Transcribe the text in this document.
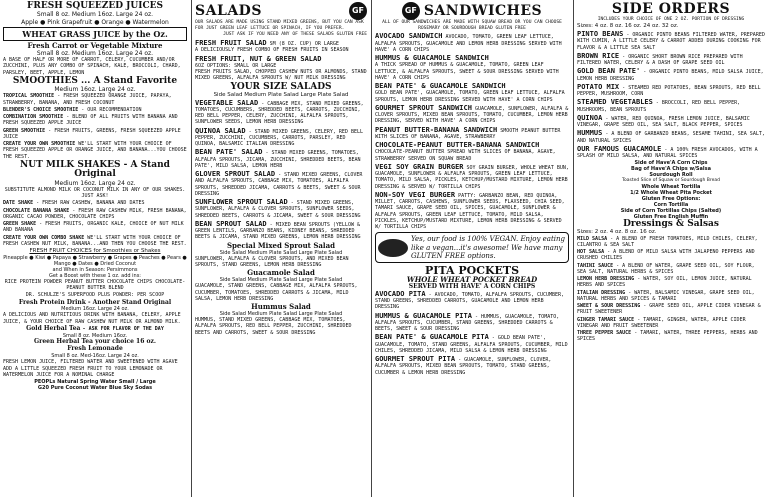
FRESH SQUEEZED JUICES

Small 8 oz. Medium 16oz. Large 24 oz.

Apple ● Pink Grapefruit ● Orange ● Watermelon

WHEAT GRASS JUICE by the Oz.

Fresh Carrot or Vegetable Mixture

Small 8 oz. Medium 16oz. Large 24 oz.

A BASE OF HALF OR MORE OF CARROT, CELERY, CUCUMBER AND/OR ZUCCHINI, PLUS ANY COMBO OF SPINACH, KALE, BROCCOLI, CHARD, PARSLEY, BEET, APPLE, LEMON

SMOOTHIES ... A Stand Favorite

Medium 16oz. Large 24 oz.

TROPICAL SMOOTHIE - FRESH SQUEEZED ORANGE JUICE, PAPAYA, STRAWBERRY, BANANA, AND FRESH COCONUT

BLENDER'S CHOICE SMOOTHIE - OUR RECOMMENDATION

COMBINATION SMOOTHIE - BLEND OF ALL FRUITS WITH BANANA AND FRESH SQUEEZED APPLE JUICE

GREEN SMOOTHIE - FRESH FRUITS, GREENS, FRESH SQUEEZED APPLE JUICE

CREATE YOUR OWN SMOOTHIE WE'LL START WITH YOUR CHOICE OF FRESH SQUEEZED APPLE OR ORANGE JUICE, AND BANANA...YOU CHOOSE THE REST.

NUT MILK SHAKES - A Stand Original

Medium 16oz. Large 24 oz.

SUBSTITUTE ALMOND MILK OR COCONUT MILK IN ANY OF OUR SHAKES. JUST ASK!

DATE SHAKE - FRESH RAW CASHEW, BANANA AND DATES

CHOCOLATE BANANA SHAKE - FRESH RAW CASHEW MILK, FRESH BANANA, ORGANIC CACAO POWDER, CHOCOLATE CHIPS

GREEN SHAKE - FRESH FRUITS, ORGANIC KALE, CHOICE OF NUT MILK AND BANANA

CREATE YOUR OWN COMBO SHAKE WE'LL START WITH YOUR CHOICE OF FRESH CASHEW NUT MILK, BANANA...AND THEN YOU CHOOSE THE REST.

FRESH FRUIT CHOICES for Smoothies or Shakes

Pineapple ● Kiwi ● Papaya ● Strawberry ● Grapes ● Peaches ● Pears ● Mango ● Dates ● Dried Coconut

and When in Season: Persimmons

Get a Boost with these 1 oz. add ins:

RICE PROTEIN POWDER PEANUT BUTTER CHOCOLATE CHIPS CHOCOLATE-PEANUT BUTTER BLEND

DR. SCHULZE'S SUPERFOOD PLUS POWDER: PER SCOOP

Fresh Protein Drink - Another Stand Original

Medium 16oz. Large 24 oz.

A DELICIOUS AND NUTRITIOUS DRINK WITH BANANA, CELERY, APPLE JUICE, & YOUR CHOICE OF RAW CASHEW NUT MILK OR ALMOND MILK.

Gold Herbal Tea - ASK FOR FLAVOR OF THE DAY

Small 8 oz. Medium 16oz.

Green Herbal Tea your choice 16 oz.

Fresh Lemonade

Small 8 oz. Med-16oz. Large 24 oz.

FRESH LEMON JUICE, FILTERED WATER AND SWEETENED WITH AGAVE

ADD A LITTLE SQUEEZED FRESH FRUIT TO YOUR LEMONADE OR WATERMELON JUICE FOR A NOMINAL CHARGE

PEOPLs Natural Spring Water Small / Large

G20 Pure Coconut Water Blue Sky Sodas

SALADS	GF

OUR SALADS ARE MADE USING STAND MIXED GREENS, BUT YOU CAN ASK FOR JUST GREEN LEAF LETTUCE OR SPINACH, IF YOU PREFER.

JUST ASK IF YOU NEED ANY OF THESE SALADS GLUTEN FREE

FRESH FRUIT SALAD SM (8 OZ. CUP) OR LARGE
A DELICIOUSLY FRESH COMBO OF FRESH FRUITS IN SEASON

FRESH FRUIT, NUT & GREEN SALAD
6OZ OPTIONS: SMALL OR LARGE
FRESH FRUITS SALAD, CHOPPED CASHEW NUTS OR ALMONDS, STAND MIXED GREENS, ALFALFA SPROUTS W/ NUT MILK DRESSING

YOUR SIZE SALADS

Side Salad Medium Plate Salad Large Plate Salad

VEGETABLE SALAD - CABBAGE MIX, STAND MIXED GREENS, TOMATOES, CUCUMBERS, SHREDDED BEETS, CARROTS, ZUCCHINI, RED BELL PEPPER, CELERY, ZUCCHINI, ALFALFA SPROUTS, SUNFLOWER SEEDS, LEMON HERB DRESSING

QUINOA SALAD - STAND MIXED GREENS, CELERY, RED BELL PEPPER, ZUCCHINI, CUCUMBERS, CARROTS, PARSLEY, RED QUINOA, BALSAMIC ITALIAN DRESSING

BEAN PATE' SALAD - STAND MIXED GREENS, TOMATOES, ALFALFA SPROUTS, JICAMA, ZUCCHINI, SHREDDED BEETS, BEAN PATE', MILD SALSA, LEMON HERB

GLOVER SPROUT SALAD - STAND MIXED GREENS, CLOVER AND ALFALFA SPROUTS, CABBAGE MIX, TOMATOES, ALFALFA SPROUTS, SHREDDED JICAMA, CARROTS & BEETS, SWEET & SOUR DRESSING

SUNFLOWER SPROUT SALAD - STAND MIXED GREENS, SUNFLOWER, ALFALFA & CLOVER SPROUTS, SUNFLOWER SEEDS, SHREDDED BEETS, CARROTS & JICAMA, SWEET & SOUR DRESSING

BEAN SPROUT SALAD - MIXED BEAN SPROUTS (YELLOW & GREEN LENTILS, GARBANZO BEANS, KIDNEY BEANS, SHREDDED BEETS & JICAMA, STAND MIXED GREENS, LEMON HERB DRESSING

Special Mixed Sprout Salad

Side Salad Medium Plate Salad Large Plate Salad

SUNFLOWER, ALFALFA & CLOVER SPROUTS, AND MIXED BEAN SPROUTS, STAND GREENS, LEMON HERB DRESSING

Guacamole Salad

Side Salad Medium Plate Salad Large Plate Salad

GUACAMOLE, STAND GREENS, CABBAGE MIX, ALFALFA SPROUTS, CUCUMBER, TOMATOES, SHREDDED CARROTS & JICAMA, MILD SALSA, LEMON HERB DRESSING

Hummus Salad

Side Salad Medium Plate Salad Large Plate Salad

HUMMUS, STAND MIXED GREENS, CABBAGE MIX, TOMATOES, ALFALFA SPROUTS, RED BELL PEPPER, ZUCCHINI, SHREDDED BEETS AND CARROTS, SWEET & SOUR DRESSING

GF SANDWICHES

ALL OF OUR SANDWICHES ARE MADE WITH SQUAW BREAD OR YOU CAN CHOOSE ROSEMARY OR SOURDOUGH BREAD GLUTEN FREE

AVOCADO SANDWICH AVOCADO, TOMATO, GREEN LEAF LETTUCE, ALFALFA SPROUTS, GUACAMOLE AND LEMON HERB DRESSING SERVED WITH HAVE' A CORN CHIPS

HUMMUS & GUACAMOLE SANDWICH
A THICK SPREAD OF HUMMUS & GUACAMOLE, TOMATO, GREEN LEAF LETTUCE, & ALFALFA SPROUTS, SWEET & SOUR DRESSING SERVED WITH HAVE' A CORN CHIPS

BEAN PATE' & GUACAMOLE SANDWICH
GOLD BEAN PATE', GUACAMOLE, TOMATO, GREEN LEAF LETTUCE, ALFALFA SPROUTS, LEMON HERB DRESSING SERVED WITH HAVE' A CORN CHIPS

GOURMET SPROUT SANDWICH GUACAMOLE, SUNFLOWER, ALFALFA & CLOVER SPROUTS, MIXED BEAN SPROUTS, TOMATO, CUCUMBER, LEMON HERB DRESSING, SERVED WITH HAVE' A CORN CHIPS

PEANUT BUTTER-BANANA SANDWICH SMOOTH PEANUT BUTTER WITH SLICES OF BANANA, AGAVE, STRAWBERRY

CHOCOLATE-PEANUT BUTTER-BANANA SANDWICH CHOCOLATE-PEANUT BUTTER SPREAD WITH SLICES OF BANANA, AGAVE, STRAWBERRY SERVED ON SQUAW BREAD

VEGI SOY GRAIN BURGER SOY GRAIN BURGER, WHOLE WHEAT BUN, GUACAMOLE, SUNFLOWER & ALFALFA SPROUTS, GREEN LEAF LETTUCE, TOMATO, MILD SALSA, PICKLES, KETCHUP/MUSTARD MIXTURE, LEMON HERB DRESSING & SERVED W/ TORTILLA CHIPS

NON-SOY VEGI BURGER PATTY: GARBANZO BEAN, RED QUINOA, MILLET, CARROTS, CASHEWS, SUNFLOWER SEEDS, FLAXSEED, CHIA SEED, TAMARI SAUCE, GRAPE SEED OIL, SPICES, GUACAMOLE, SUNFLOWER & ALFALFA SPROUTS, GREEN LEAF LETTUCE, TOMATO, MILD SALSA, PICKLES, KETCHUP/MUSTARD MIXTURE, LEMON HERB DRESSING & SERVED W/ TORTILLA CHIPS

Yes, our food is 100% VEGAN. Enjoy eating like a vegan...it's awesome! We have many GLUTEN FREE options.

PITA POCKETS

WHOLE WHEAT POCKET BREAD

SERVED WITH HAVE' A CORN CHIPS

AVOCADO PITA - AVOCADO, TOMATO, ALFALFA SPROUTS, CUCUMBER, STAND GREENS, SHREDDED CARROTS, GUACAMOLE AND LEMON HERB DRESSING

HUMMUS & GUACAMOLE PITA - HUMMUS, GUACAMOLE, TOMATO, ALFALFA SPROUTS, CUCUMBER, STAND GREENS, SHREDDED CARROTS & BEETS, SWEET & SOUR DRESSING

BEAN PATE' & GUACAMOLE PITA - GOLD BEAN PATE', GUACAMOLE, TOMATO, STAND GREENS, ALFALFA SPROUTS, CUCUMBER, MILD CHILES, SHREDDED JICAMA, MILD SALSA & LEMON HERB DRESSING

GOURMET SPROUT PITA - GUACAMOLE, SUNFLOWER, CLOVER, ALFALFA SPROUTS, MIXED BEAN SPROUTS, TOMATO, STAND GREENS, CUCUMBER & LEMON HERB DRESSING

SIDE ORDERS

INCLUDES YOUR CHOICE OF ONE 2 OZ. PORTION OF DRESSING

Sizes: 4 oz. 8 oz. 16 oz. 24 oz. 32 oz.

PINTO BEANS - ORGANIC PINTO BEANS FILTERED WATER, PREPARED WITH CUMIN, A LITTLE CELERY & CARROT ADDED DURING COOKING FOR FLAVOR & A LITTLE SEA SALT

BROWN RICE - ORGANIC SHORT BROWN RICE PREPARED WITH FILTERED WATER, CELERY & A DASH OF GRAPE SEED OIL

GOLD BEAN PATE' - ORGANIC PINTO BEANS, MILD SALSA JUICE, LEMON HERB DRESSING

POTATO MIX - STEAMED RED POTATOES, BEAN SPROUTS, RED BELL PEPPER, MUSHROOM, CORN

STEAMED VEGETABLES - BROCCOLI, RED BELL PEPPER, MUSHROOMS, BEAN SPROUTS

QUINOA - WATER, RED QUINOA, FRESH LEMON JUICE, BALSAMIC VINEGAR, GRAPE SEED OIL, SEA SALT, BLACK PEPPER, SPICES

HUMMUS - A BLEND OF GARBANZO BEANS, SESAME TAHINI, SEA SALT, AND NATURAL SPICES

OUR FAMOUS GUACAMOLE - A 100% FRESH AVOCADOS, WITH A SPLASH OF MILD SALSA, AND NATURAL SPICES

Side of Have'A Corn Chips

Bag of Have'A Chips w/Salsa

Sourdough Roll

Toasted Slice of Squaw or Sourdough Bread

Whole Wheat Tortilla

1/2 Whole Wheat Pita Pocket

Gluten Free Options:

Corn Tortilla

Side of Corn Tortillas Chips (Salted)

Gluten Free English Muffin

Dressings & Salsas

Sizes: 2 oz. 4 oz. 8 oz. 16 oz.

MILD SALSA - A BLEND OF FRESH TOMATOES, MILD CHILES, CELERY, CILANTRO & SEA SALT

HOT SALSA - A BLEND OF MILD SALSA WITH JALAPENO PEPPERS AND CRUSHED CHILIES

TAHINI SAUCE - A BLEND OF WATER, GRAPE SEED OIL, SOY FLOUR, SEA SALT, NATURAL HERBS & SPICES

LEMON HERB DRESSING - WATER, SOY OIL, LEMON JUICE, NATURAL HERBS AND SPICES

ITALIAN DRESSING - WATER, BALSAMIC VINEGAR, GRAPE SEED OIL, NATURAL HERBS AND SPICES & TAMARI

SWEET & SOUR DRESSING - GRAPE SEED OIL, APPLE CIDER VINEGAR & FRUIT SWEETENER

GINGER TAMARI SAUCE - TAMARI, GINGER, WATER, APPLE CIDER VINEGAR AND FRUIT SWEETENER

THREE PEPPER SAUCE - TAMARI, WATER, THREE PEPPERS, HERBS AND SPICES
